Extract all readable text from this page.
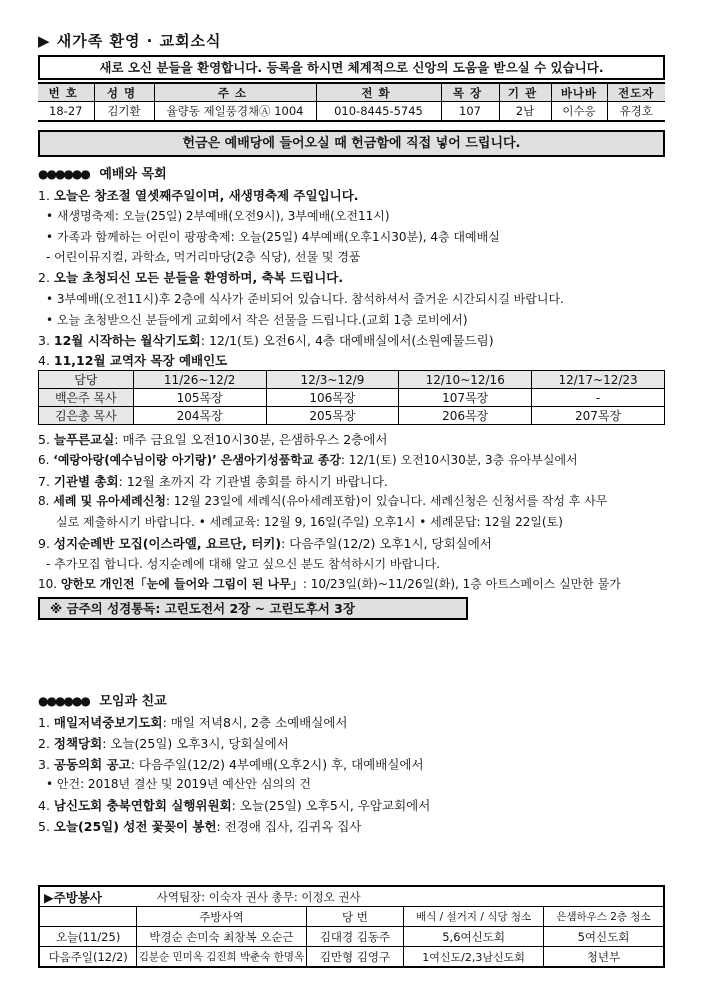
▶ 새가족 환영 · 교회소식
새로 오신 분들을 환영합니다. 등록을 하시면 체계적으로 신앙의 도움을 받으실 수 있습니다.
번호	성명	주소	전화	목장	기관	바나바	전도자
18-27	김기환	율량동 제일풍경채Ⓐ 1004	010-8445-5745	107	2남	이수응	유경호
헌금은 예배당에 들어오실 때 헌금함에 직접 넣어 드립니다.
●●●●●● 예배와 목회
1. 오늘은 창조절 열셋째주일이며, 새생명축제 주일입니다.
• 새생명축제: 오늘(25일) 2부예배(오전9시), 3부예배(오전11시)
• 가족과 함께하는 어린이 팡팡축제: 오늘(25일) 4부예배(오후1시30분), 4층 대예배실
- 어린이뮤지컬, 과학쇼, 먹거리마당(2층 식당), 선물 및 경품
2. 오늘 초청되신 모든 분들을 환영하며, 축복 드립니다.
• 3부예배(오전11시)후 2층에 식사가 준비되어 있습니다. 참석하셔서 즐거운 시간되시길 바랍니다.
• 오늘 초청받으신 분들에게 교회에서 작은 선물을 드립니다.(교회 1층 로비에서)
3. 12월 시작하는 월삭기도회: 12/1(토) 오전6시, 4층 대예배실에서(소원예물드림)
4. 11,12월 교역자 목장 예배인도
담당	11/26~12/2	12/3~12/9	12/10~12/16	12/17~12/23
백은주 목사	105목장	106목장	107목장	-
김은총 목사	204목장	205목장	206목장	207목장
5. 늘푸른교실: 매주 금요일 오전10시30분, 은샘하우스 2층에서
6. ‘예랑아랑(예수님이랑 아기랑)’ 은샘아기성품학교 종강: 12/1(토) 오전10시30분, 3층 유아부실에서
7. 기관별 총회: 12월 초까지 각 기관별 총회를 하시기 바랍니다.
8. 세례 및 유아세례신청: 12월 23일에 세례식(유아세례포함)이 있습니다. 세례신청은 신청서를 작성 후 사무
실로 제출하시기 바랍니다. • 세례교육: 12월 9, 16일(주일) 오후1시 • 세례문답: 12월 22일(토)
9. 성지순례반 모집(이스라엘, 요르단, 터키): 다음주일(12/2) 오후1시, 당회실에서
- 추가모집 합니다. 성지순례에 대해 알고 싶으신 분도 참석하시기 바랍니다.
10. 양한모 개인전「눈에 들어와 그림이 된 나무」: 10/23일(화)~11/26일(화), 1층 아트스페이스 실만한 물가
※ 금주의 성경통독: 고린도전서 2장 ~ 고린도후서 3장
●●●●●● 모임과 친교
1. 매일저녁중보기도회: 매일 저녁8시, 2층 소예배실에서
2. 정책당회: 오늘(25일) 오후3시, 당회실에서
3. 공동의회 공고: 다음주일(12/2) 4부예배(오후2시) 후, 대예배실에서
• 안건: 2018년 결산 및 2019년 예산안 심의의 건
4. 남신도회 충북연합회 실행위원회: 오늘(25일) 오후5시, 우암교회에서
5. 오늘(25일) 성전 꽃꽂이 봉헌: 전경애 집사, 김귀옥 집사
▶주방봉사	사역팀장: 이숙자 권사 총무: 이정오 권사			
	주방사역	당 번	배식 / 설거지 / 식당 청소	은샘하우스 2층 청소
오늘(11/25)	박경순 손미숙 최창복 오순근	김대경 김동주	5,6여신도회	5여신도회
다음주일(12/2)	김분순 민미옥 김진희 박춘숙 한명옥	김만형 김영구	1여신도/2,3남신도회	청년부
